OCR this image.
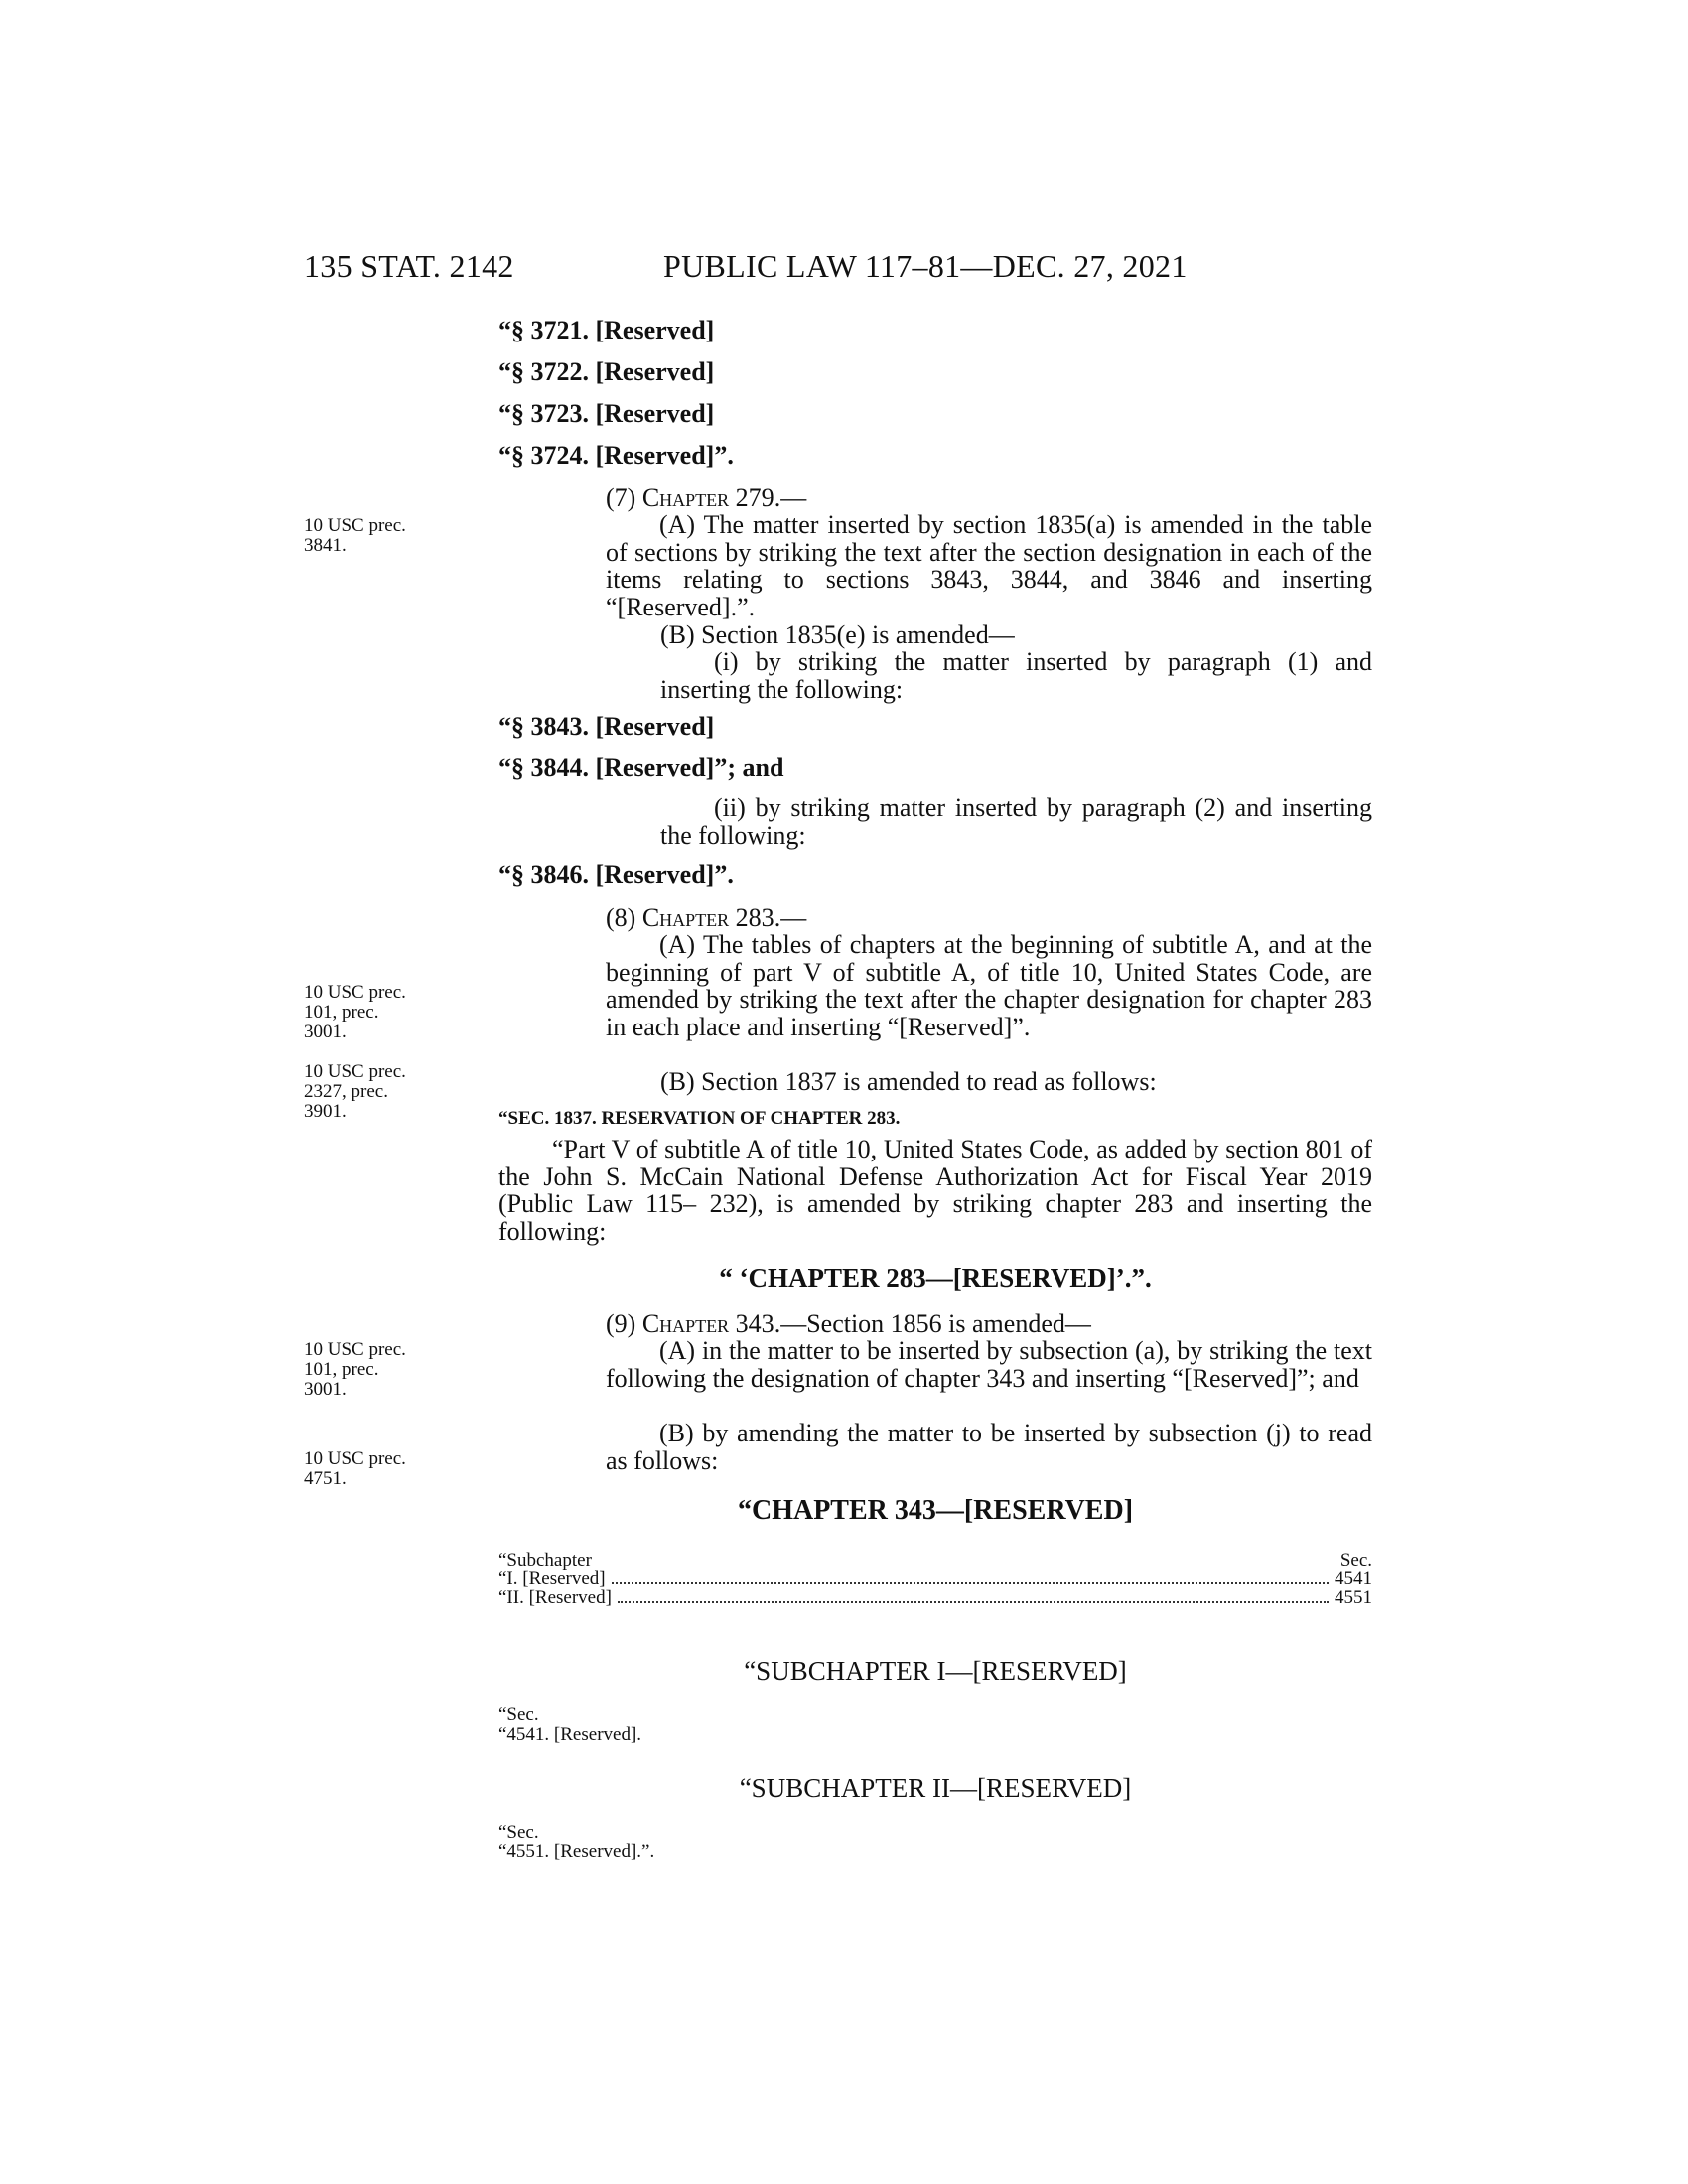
135 STAT. 2142	PUBLIC LAW 117–81—DEC. 27, 2021
“§ 3721. [Reserved]
“§ 3722. [Reserved]
“§ 3723. [Reserved]
“§ 3724. [Reserved]”.
10 USC prec. 3841.
(7) Chapter 279.—

(A) The matter inserted by section 1835(a) is amended in the table of sections by striking the text after the section designation in each of the items relating to sections 3843, 3844, and 3846 and inserting “[Reserved].”.

(B) Section 1835(e) is amended—

(i) by striking the matter inserted by paragraph (1) and inserting the following:

“§ 3843. [Reserved]
“§ 3844. [Reserved]”; and

(ii) by striking matter inserted by paragraph (2) and inserting the following:

“§ 3846. [Reserved]”.
(8) Chapter 283.—

(A) The tables of chapters at the beginning of subtitle A, and at the beginning of part V of subtitle A, of title 10, United States Code, are amended by striking the text after the chapter designation for chapter 283 in each place and inserting “[Reserved]”.

(B) Section 1837 is amended to read as follows:
10 USC prec. 101, prec. 3001.
10 USC prec. 2327, prec. 3901.	“SEC. 1837. RESERVATION OF CHAPTER 283.

“Part V of subtitle A of title 10, United States Code, as added by section 801 of the John S. McCain National Defense Authorization Act for Fiscal Year 2019 (Public Law 115– 232), is amended by striking chapter 283 and inserting the following:

“ ‘CHAPTER 283—[RESERVED]’.”.
(9) Chapter 343.—Section 1856 is amended—

(A) in the matter to be inserted by subsection (a), by striking the text following the designation of chapter 343 and inserting “[Reserved]”; and

(B) by amending the matter to be inserted by subsection (j) to read as follows:

10 USC prec. 101, prec. 3001.
10 USC prec. 4751.
“CHAPTER 343—[RESERVED]
“Subchapter	Sec.
“I. [Reserved]	4541
“II. [Reserved]	4551
“SUBCHAPTER I—[RESERVED]
“Sec.
“4541. [Reserved].
“SUBCHAPTER II—[RESERVED]
“Sec.
“4551. [Reserved].”.
